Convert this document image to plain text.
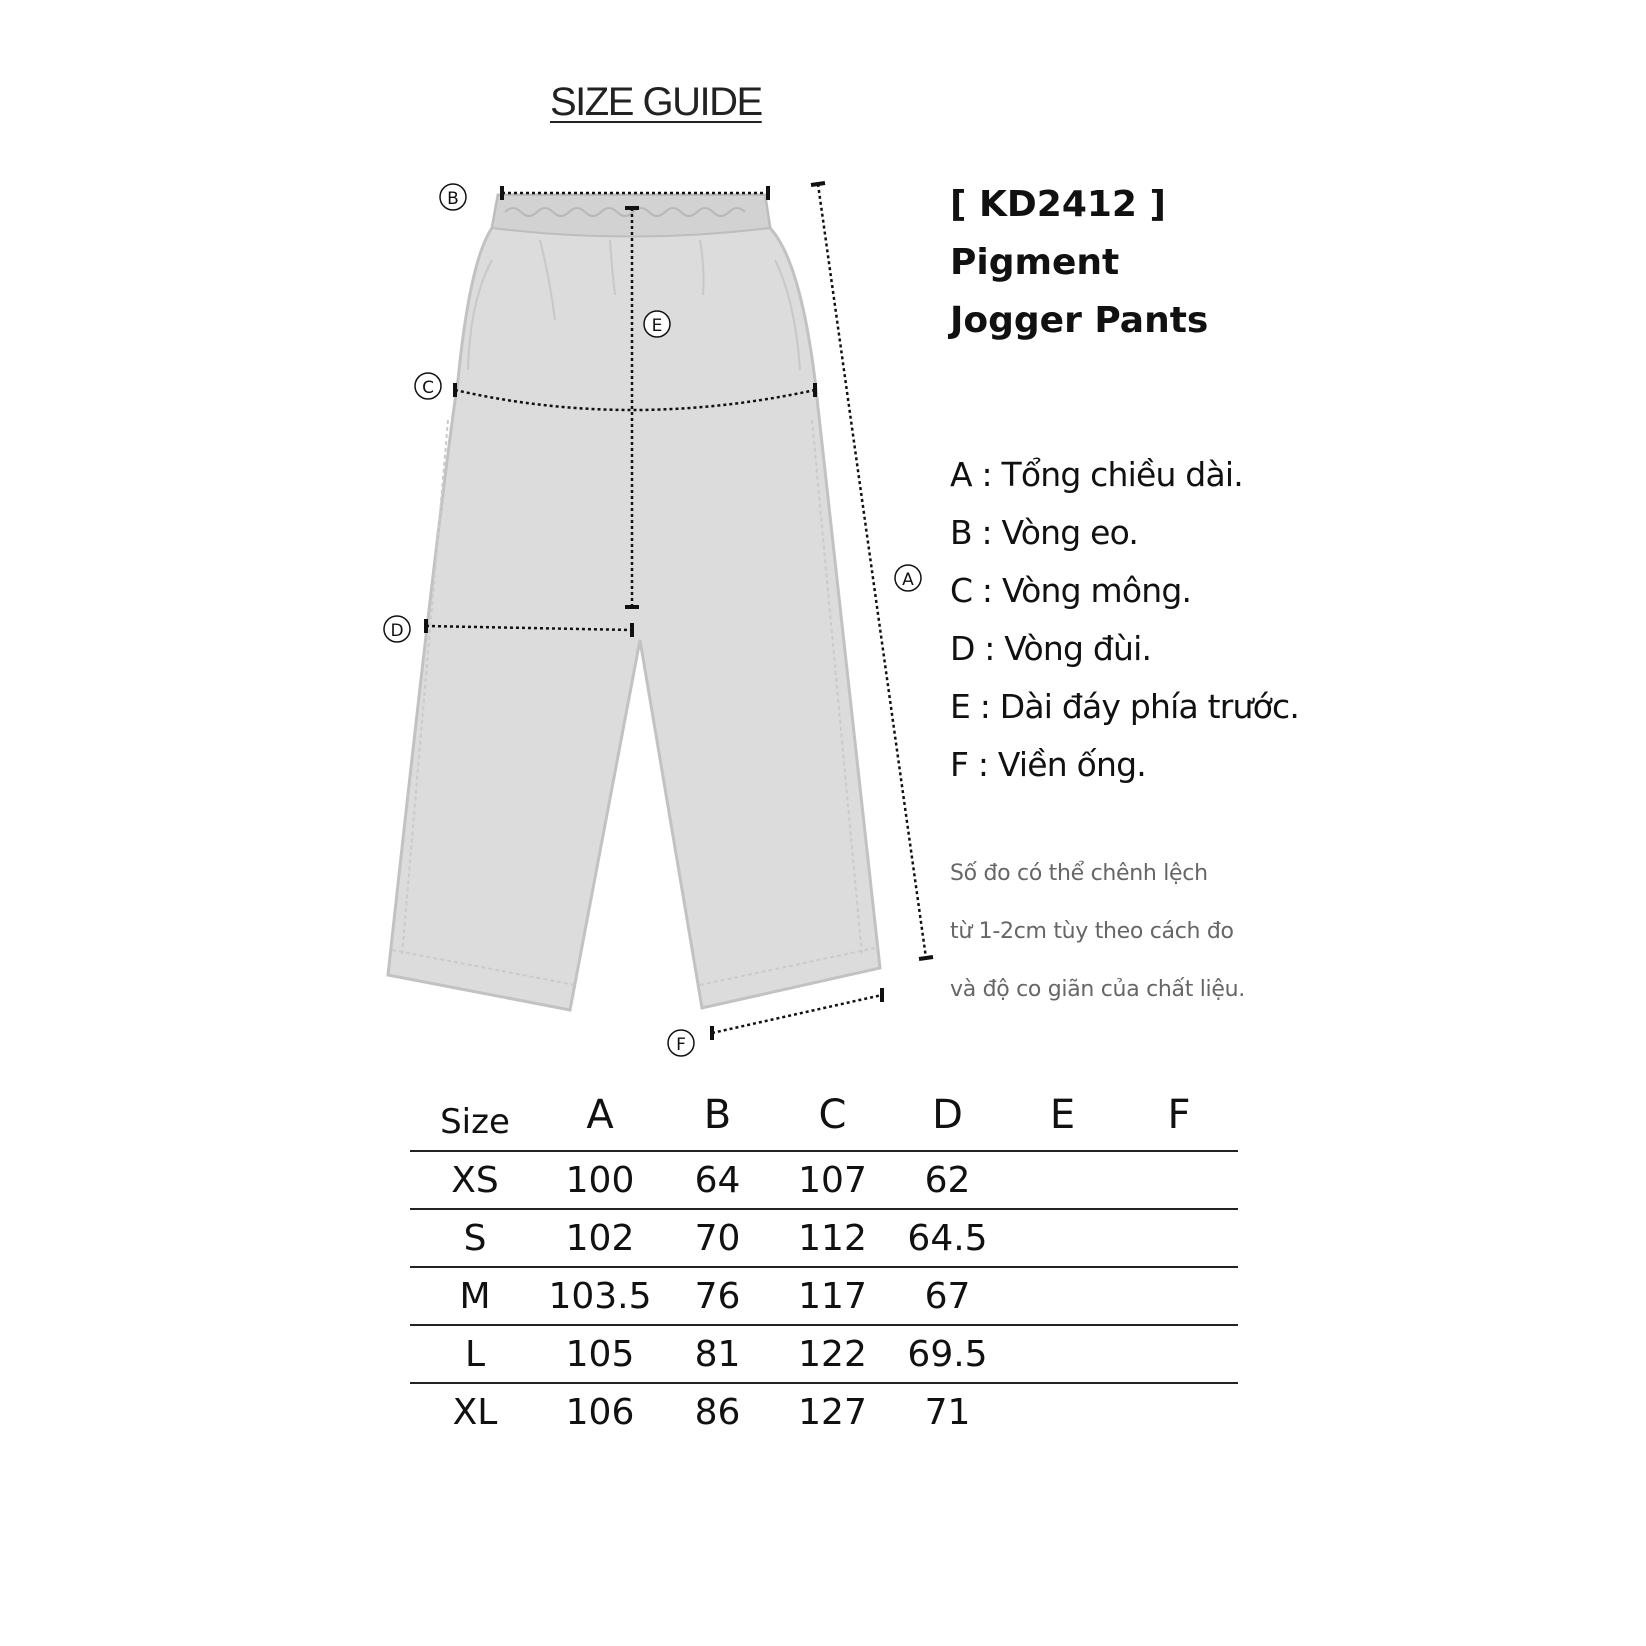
SIZE GUIDE
B
E
C
A
D
F
[ KD2412 ]
Pigment
Jogger Pants
A : Tổng chiều dài.
B : Vòng eo.
C : Vòng mông.
D : Vòng đùi.
E : Dài đáy phía trước.
F : Viền ống.
Số đo có thể chênh lệch
từ 1-2cm tùy theo cách đo
và độ co giãn của chất liệu.
Size	A	B	C	D	E	F
XS	100	64	107	62		
S	102	70	112	64.5		
M	103.5	76	117	67		
L	105	81	122	69.5		
XL	106	86	127	71		
